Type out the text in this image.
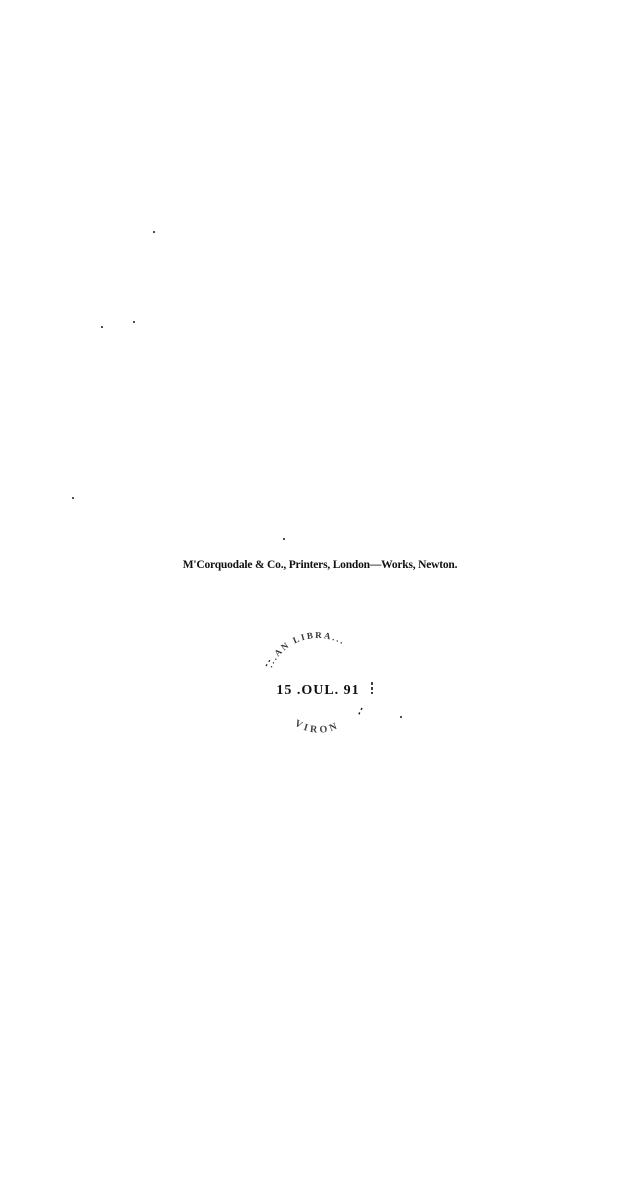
M'Corquodale & Co., Printers, London—Works, Newton.
...AN LIBRA...
15 .OUL. 91
VIRON
